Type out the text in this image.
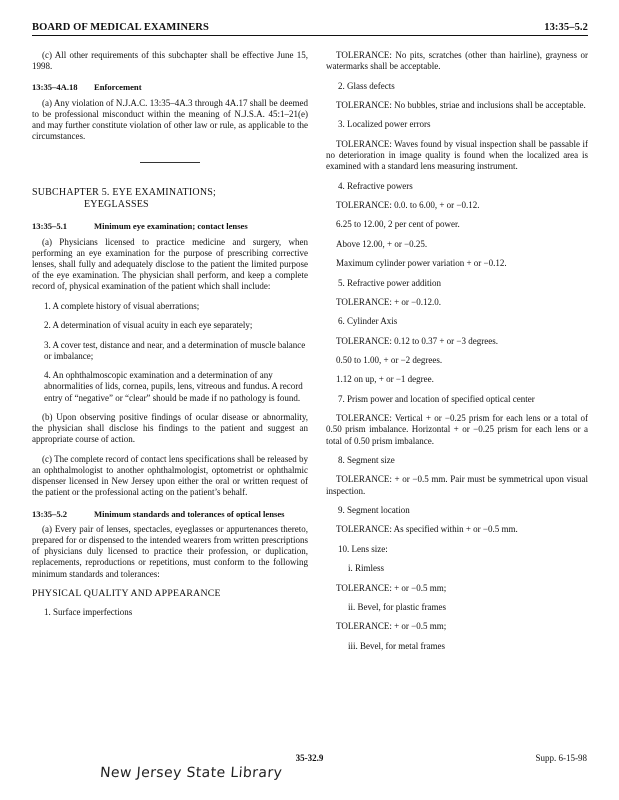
BOARD OF MEDICAL EXAMINERS	13:35–5.2

(c) All other requirements of this subchapter shall be effective June 15, 1998.

13:35–4A.18 Enforcement

(a) Any violation of N.J.A.C. 13:35–4A.3 through 4A.17 shall be deemed to be professional misconduct within the meaning of N.J.S.A. 45:1–21(e) and may further constitute violation of other law or rule, as applicable to the circumstances.

SUBCHAPTER 5. EYE EXAMINATIONS;
EYEGLASSES
13:35–5.1	Minimum eye examination; contact lenses

(a) Physicians licensed to practice medicine and surgery, when performing an eye examination for the purpose of prescribing corrective lenses, shall fully and adequately disclose to the patient the limited purpose of the eye examination. The physician shall perform, and keep a complete record of, physical examination of the patient which shall include:

1. A complete history of visual aberrations;

2. A determination of visual acuity in each eye separately;

3. A cover test, distance and near, and a determination of muscle balance or imbalance;

4. An ophthalmoscopic examination and a determination of any abnormalities of lids, cornea, pupils, lens, vitreous and fundus. A record entry of “negative” or “clear” should be made if no pathology is found.

(b) Upon observing positive findings of ocular disease or abnormality, the physician shall disclose his findings to the patient and suggest an appropriate course of action.

(c) The complete record of contact lens specifications shall be released by an ophthalmologist to another ophthalmologist, optometrist or ophthalmic dispenser licensed in New Jersey upon either the oral or written request of the patient or the professional acting on the patient’s behalf.

13:35–5.2	Minimum standards and tolerances of optical lenses

(a) Every pair of lenses, spectacles, eyeglasses or appurtenances thereto, prepared for or dispensed to the intended wearers from written prescriptions of physicians duly licensed to practice their profession, or duplication, replacements, reproductions or repetitions, must conform to the following minimum standards and tolerances:

PHYSICAL QUALITY AND APPEARANCE

1. Surface imperfections

TOLERANCE: No pits, scratches (other than hairline), grayness or watermarks shall be acceptable.

2. Glass defects

TOLERANCE: No bubbles, striae and inclusions shall be acceptable.

3. Localized power errors

TOLERANCE: Waves found by visual inspection shall be passable if no deterioration in image quality is found when the localized area is examined with a standard lens measuring instrument.

4. Refractive powers

TOLERANCE: 0.0. to 6.00, + or −0.12.

6.25 to 12.00, 2 per cent of power.

Above 12.00, + or −0.25.

Maximum cylinder power variation + or −0.12.

5. Refractive power addition

TOLERANCE: + or −0.12.0.

6. Cylinder Axis

TOLERANCE: 0.12 to 0.37 + or −3 degrees.

0.50 to 1.00, + or −2 degrees.

1.12 on up, + or −1 degree.

7. Prism power and location of specified optical center

TOLERANCE: Vertical + or −0.25 prism for each lens or a total of 0.50 prism imbalance. Horizontal + or −0.25 prism for each lens or a total of 0.50 prism imbalance.

8. Segment size

TOLERANCE: + or −0.5 mm. Pair must be symmetrical upon visual inspection.

9. Segment location

TOLERANCE: As specified within + or −0.5 mm.

10. Lens size:

i. Rimless

TOLERANCE: + or −0.5 mm;

ii. Bevel, for plastic frames

TOLERANCE: + or −0.5 mm;

iii. Bevel, for metal frames

35-32.9	Supp. 6-15-98
New Jersey State Library
